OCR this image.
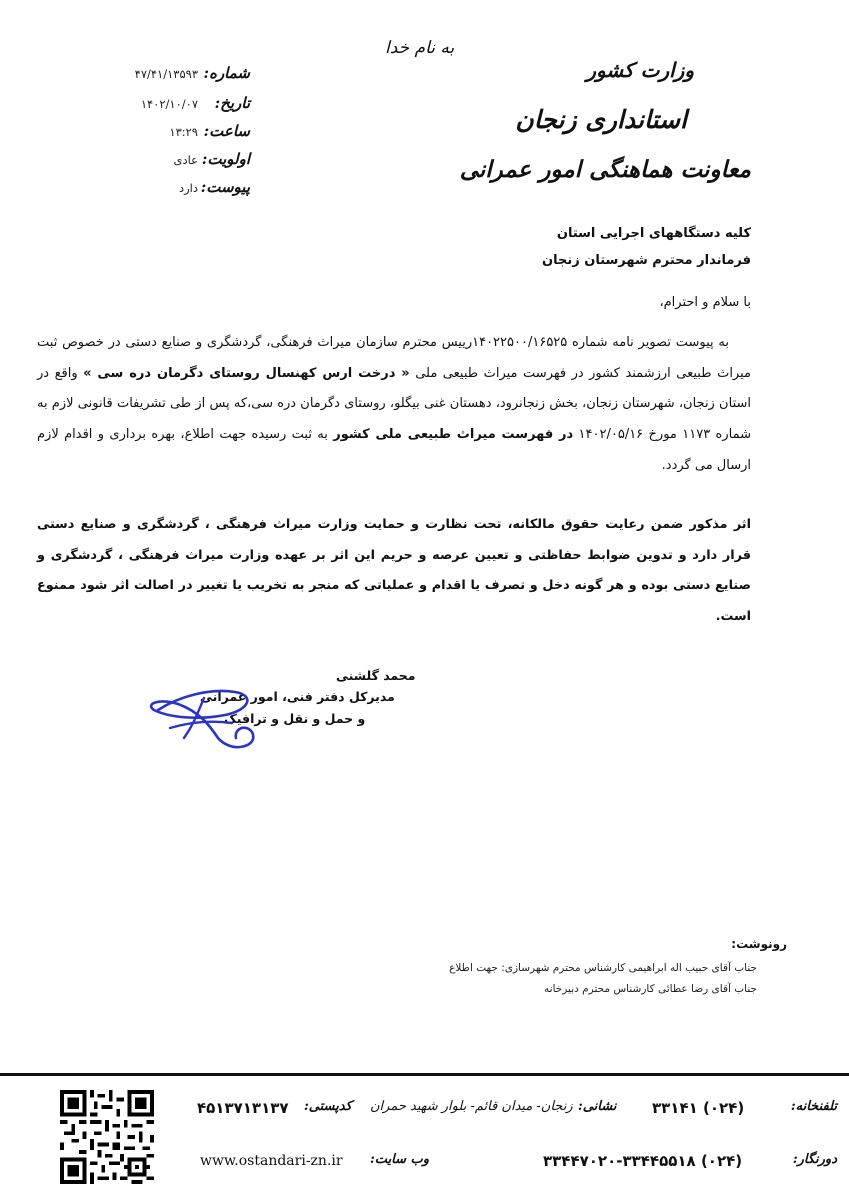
به نام خدا
وزارت کشور
استانداری زنجان
معاونت هماهنگی امور عمرانی
شماره:
۴۷/۴۱/۱۳۵۹۳
تاریخ:
۱۴۰۲/۱۰/۰۷
ساعت:
۱۳:۲۹
اولویت:
عادی
پیوست:
دارد
کلیه دستگاههای اجرایی استان
فرماندار محترم شهرستان زنجان
با سلام و احترام،

به پیوست تصویر نامه شماره ۱۴۰۲۲۵۰۰/۱۶۵۲۵رییس محترم سازمان میراث فرهنگی، گردشگری و صنایع دستی در خصوص ثبت میراث طبیعی ارزشمند کشور در فهرست میراث طبیعی ملی « درخت ارس کهنسال روستای دگرمان دره سی » واقع در استان زنجان، شهرستان زنجان، بخش زنجانرود، دهستان غنی بیگلو، روستای دگرمان دره سی،که پس از طی تشریفات قانونی لازم به شماره ۱۱۷۳ مورخ ۱۴۰۲/۰۵/۱۶ در فهرست میراث طبیعی ملی کشور به ثبت رسیده جهت اطلاع، بهره برداری و اقدام لازم ارسال می گردد.

اثر مذکور ضمن رعایت حقوق مالکانه، تحت نظارت و حمایت وزارت میراث فرهنگی ، گردشگری و صنایع دستی قرار دارد و تدوین ضوابط حفاظتی و تعیین عرصه و حریم این اثر بر عهده وزارت میراث فرهنگی ، گردشگری و صنایع دستی بوده و هر گونه دخل و تصرف یا اقدام و عملیاتی که منجر به تخریب یا تغییر در اصالت اثر شود ممنوع است.
محمد گلشنی
مدیرکل دفتر فنی، امور عمرانی
و حمل و نقل و ترافیک
رونوشت:
جناب آقای حبیب اله ابراهیمی کارشناس محترم شهرسازی: جهت اطلاع
جناب آقای رضا عطائی کارشناس محترم دبیرخانه
تلفنخانه:
(۰۲۴) ۳۳۱۴۱
نشانی:
زنجان- میدان قائم- بلوار شهید حمران
کدپستی:
۴۵۱۳۷۱۳۱۳۷
دورنگار:
(۰۲۴) ۳۳۴۴۷۰۲۰-۳۳۴۴۵۵۱۸
وب سایت:
www.ostandari-zn.ir
